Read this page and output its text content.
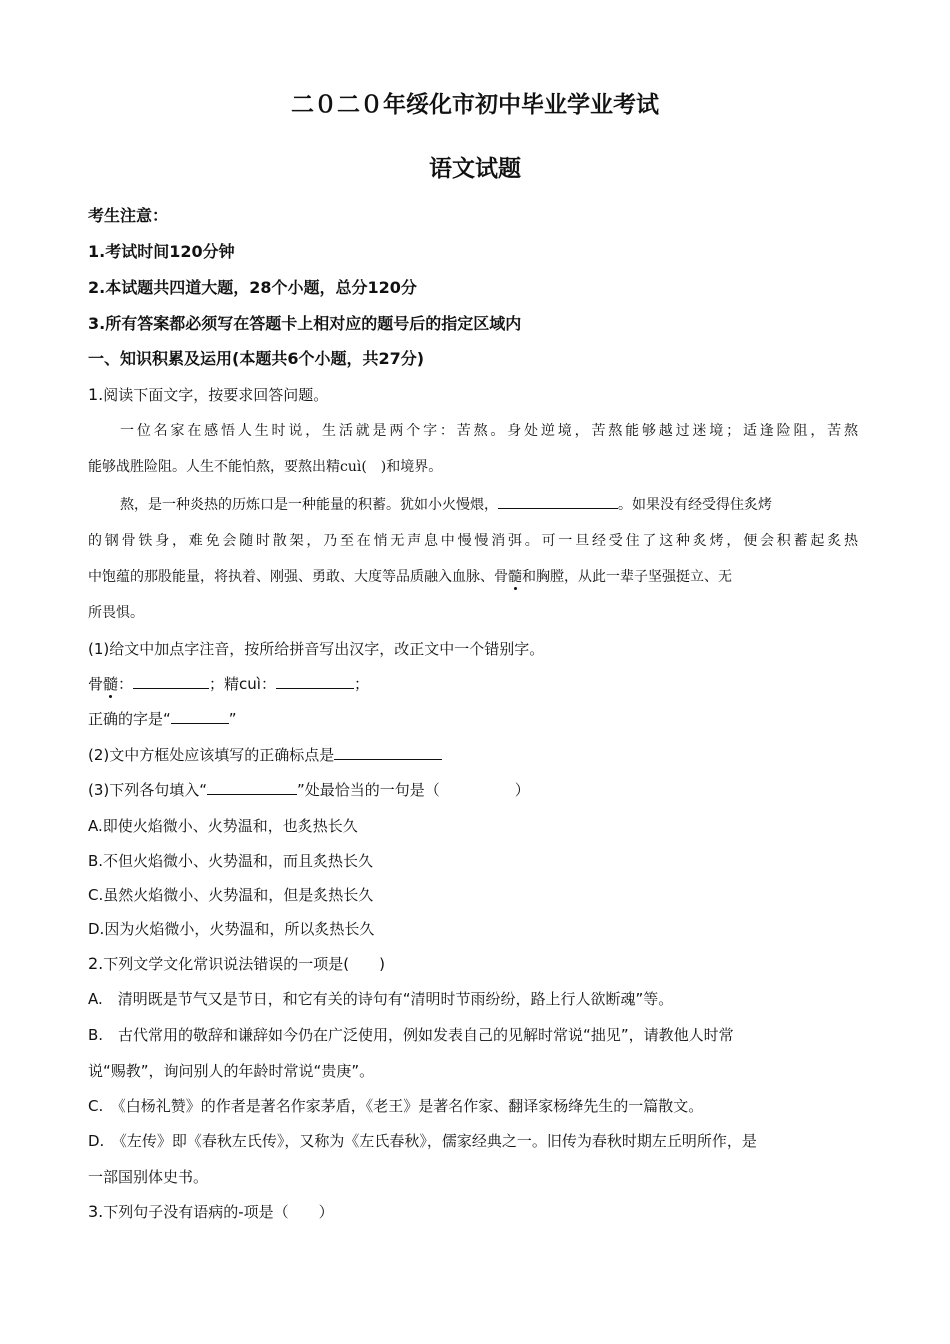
二０二０年绥化市初中毕业学业考试
语文试题
考生注意：
1.考试时间120分钟
2.本试题共四道大题，28个小题，总分120分
3.所有答案都必须写在答题卡上相对应的题号后的指定区域内
一、知识积累及运用(本题共6个小题，共27分)
1.阅读下面文字，按要求回答问题。
一位名家在感悟人生时说，生活就是两个字：苦熬。身处逆境，苦熬能够越过迷境；适逢险阻，苦熬
能够战胜险阻。人生不能怕熬，要熬出精cuì(　)和境界。
熬，是一种炎热的历炼口是一种能量的积蓄。犹如小火慢煨，	。如果没有经受得住炙烤
的钢骨铁身，难免会随时散架，乃至在悄无声息中慢慢消弭。可一旦经受住了这种炙烤，便会积蓄起炙热
中饱蕴的那股能量，将执着、刚强、勇敢、大度等品质融入血脉、骨髓和胸膛，从此一辈子坚强挺立、无
所畏惧。
(1)给文中加点字注音，按所给拼音写出汉字，改正文中一个错别字。
骨髓：	；精cuì：	；
正确的字是“	”
(2)文中方框处应该填写的正确标点是
(3)下列各句填入“	”处最恰当的一句是（　　　　　）
A.即使火焰微小、火势温和，也炙热长久
B.不但火焰微小、火势温和，而且炙热长久
C.虽然火焰微小、火势温和，但是炙热长久
D.因为火焰微小，火势温和，所以炙热长久
2.下列文学文化常识说法错误的一项是(　　)
A.　清明既是节气又是节日，和它有关的诗句有“清明时节雨纷纷，路上行人欲断魂”等。
B.　古代常用的敬辞和谦辞如今仍在广泛使用，例如发表自己的见解时常说“拙见”，请教他人时常
说“赐教”，询问别人的年龄时常说“贵庚”。
C.　《白杨礼赞》的作者是著名作家茅盾，《老王》是著名作家、翻译家杨绛先生的一篇散文。
D.　《左传》即《春秋左氏传》，又称为《左氏春秋》，儒家经典之一。旧传为春秋时期左丘明所作，是
一部国别体史书。
3.下列句子没有语病的-项是（　　）
